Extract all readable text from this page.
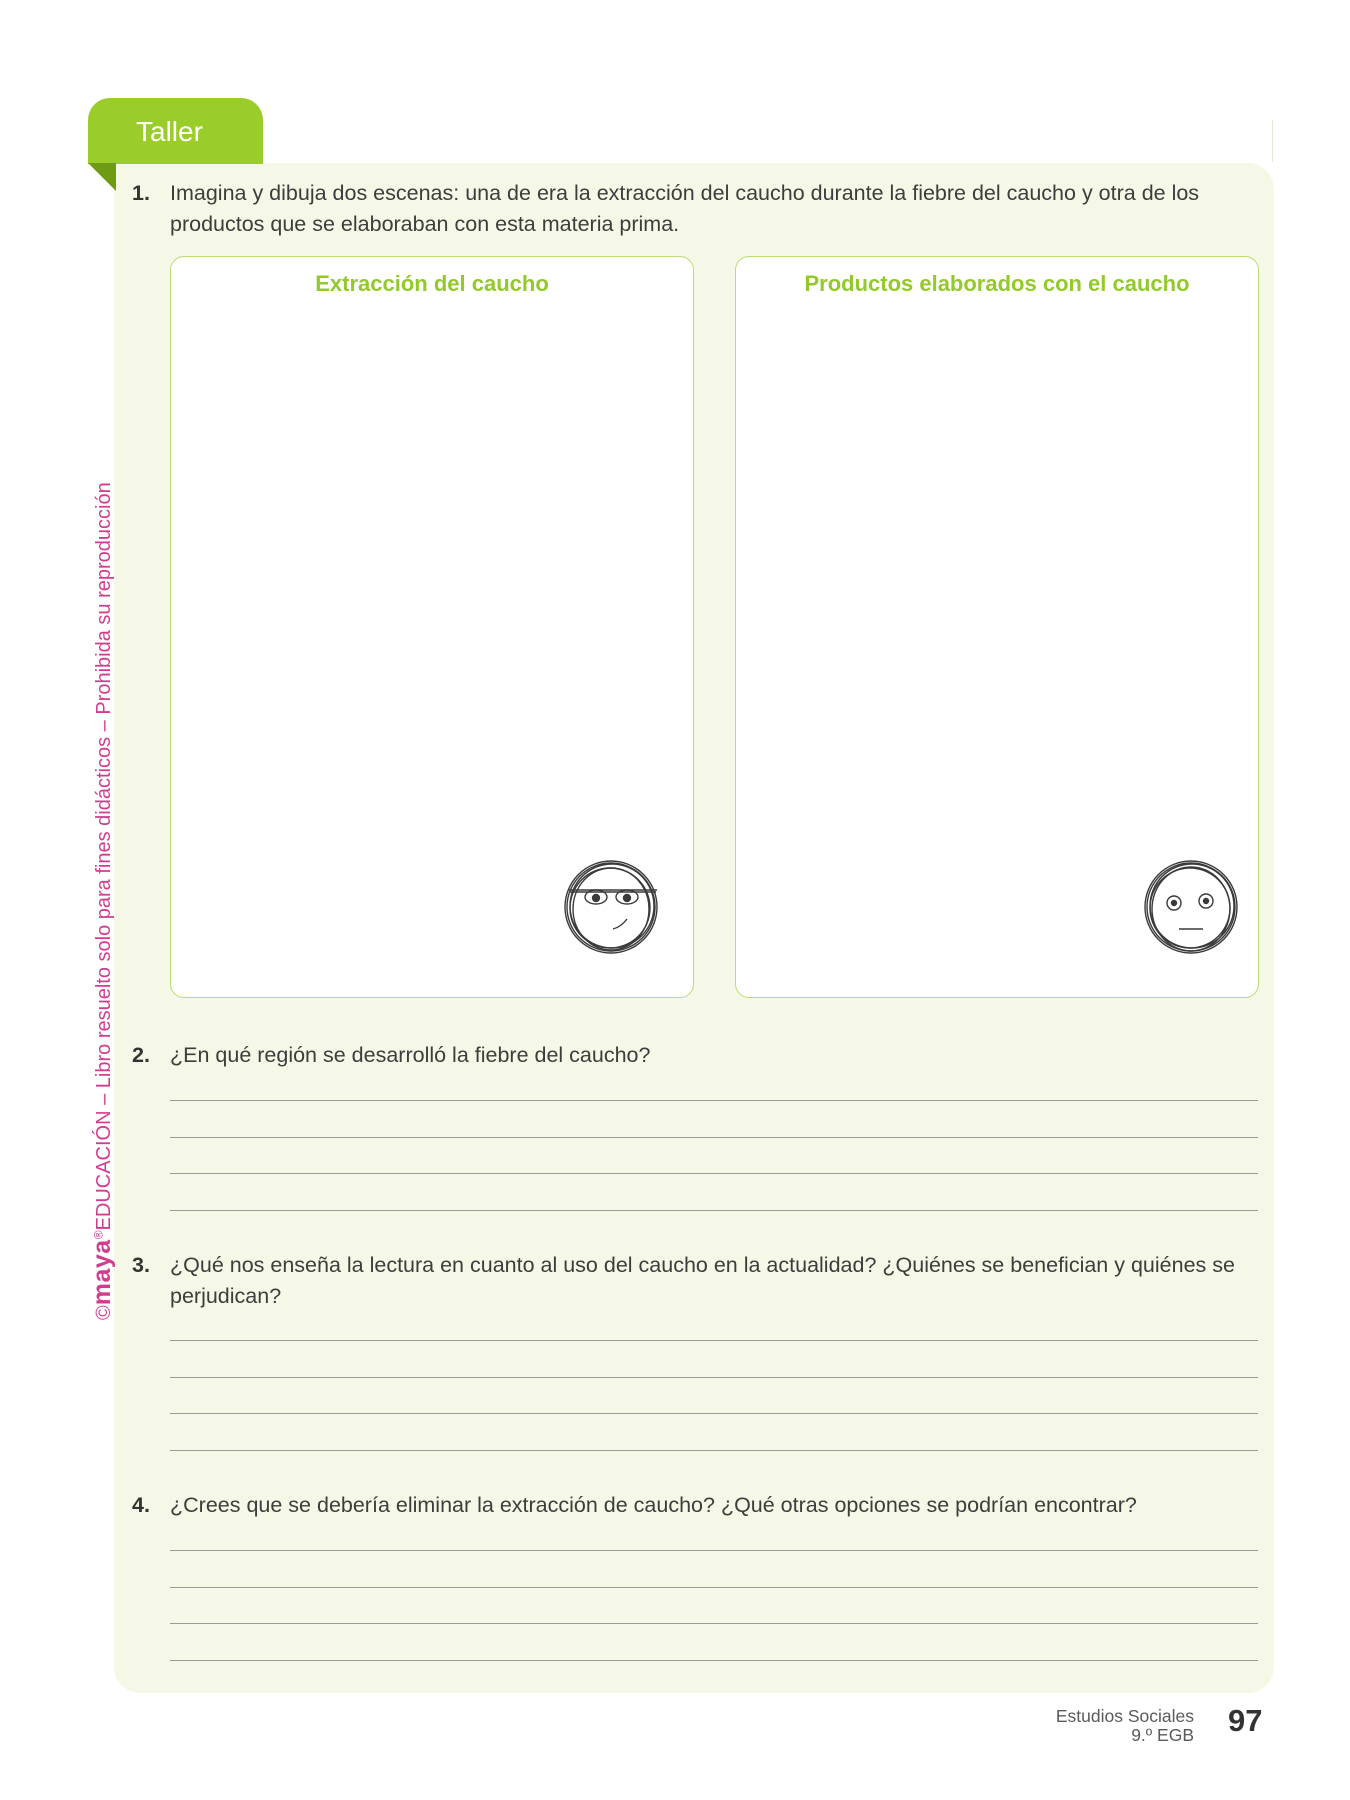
Taller
©maya®EDUCACIÓN – Libro resuelto solo para fines didácticos – Prohibida su reproducción
1. Imagina y dibuja dos escenas: una de era la extracción del caucho durante la fiebre del caucho y otra de los productos que se elaboraban con esta materia prima.
Extracción del caucho	Productos elaborados con el caucho
2. ¿En qué región se desarrolló la fiebre del caucho?
3. ¿Qué nos enseña la lectura en cuanto al uso del caucho en la actualidad? ¿Quiénes se benefician y quiénes se perjudican?
4. ¿Crees que se debería eliminar la extracción de caucho? ¿Qué otras opciones se podrían encontrar?
Estudios Sociales
9.º EGB 97
